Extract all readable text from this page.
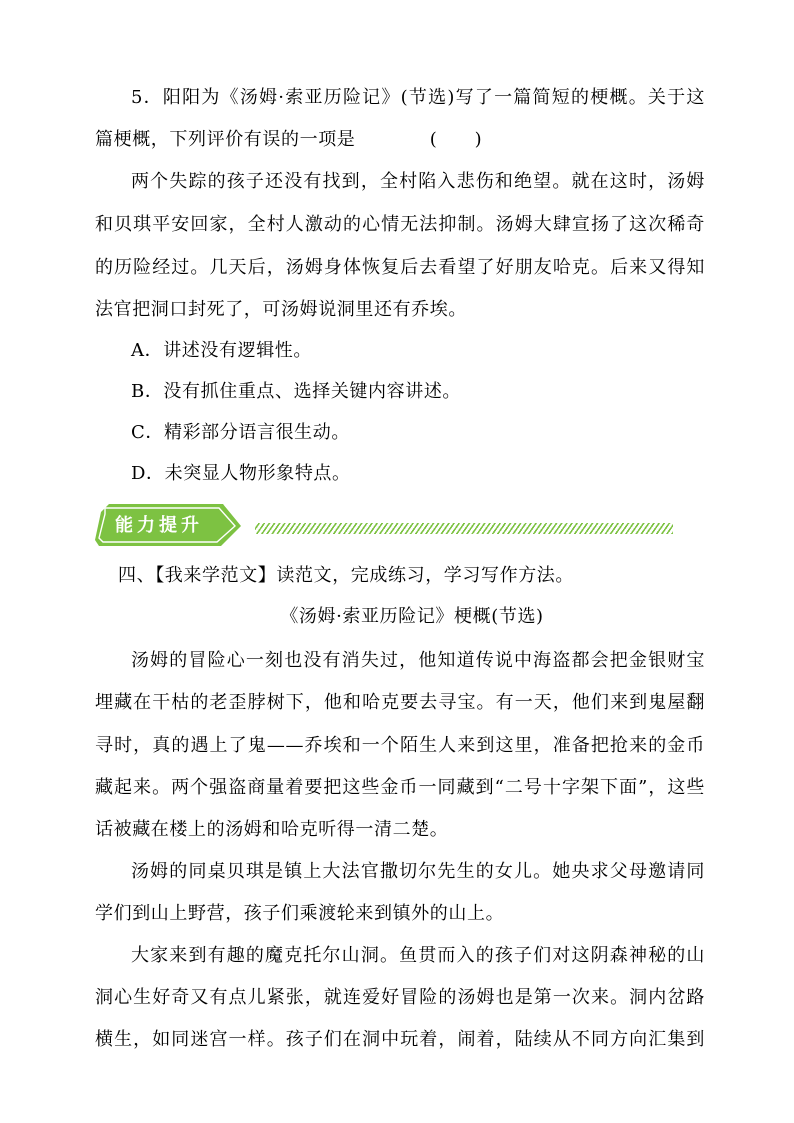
5．阳阳为《汤姆·索亚历险记》(节选)写了一篇简短的梗概。关于这
篇梗概，下列评价有误的一项是　　　　(　　)
两个失踪的孩子还没有找到，全村陷入悲伤和绝望。就在这时，汤姆
和贝琪平安回家，全村人激动的心情无法抑制。汤姆大肆宣扬了这次稀奇
的历险经过。几天后，汤姆身体恢复后去看望了好朋友哈克。后来又得知
法官把洞口封死了，可汤姆说洞里还有乔埃。
A．讲述没有逻辑性。
B．没有抓住重点、选择关键内容讲述。
C．精彩部分语言很生动。
D．未突显人物形象特点。
能力提升
四、【我来学范文】读范文，完成练习，学习写作方法。
《汤姆·索亚历险记》梗概(节选)
汤姆的冒险心一刻也没有消失过，他知道传说中海盗都会把金银财宝
埋藏在干枯的老歪脖树下，他和哈克要去寻宝。有一天，他们来到鬼屋翻
寻时，真的遇上了鬼——乔埃和一个陌生人来到这里，准备把抢来的金币
藏起来。两个强盗商量着要把这些金币一同藏到“二号十字架下面”，这些
话被藏在楼上的汤姆和哈克听得一清二楚。
汤姆的同桌贝琪是镇上大法官撒切尔先生的女儿。她央求父母邀请同
学们到山上野营，孩子们乘渡轮来到镇外的山上。
大家来到有趣的魔克托尔山洞。鱼贯而入的孩子们对这阴森神秘的山
洞心生好奇又有点儿紧张，就连爱好冒险的汤姆也是第一次来。洞内岔路
横生，如同迷宫一样。孩子们在洞中玩着，闹着，陆续从不同方向汇集到
